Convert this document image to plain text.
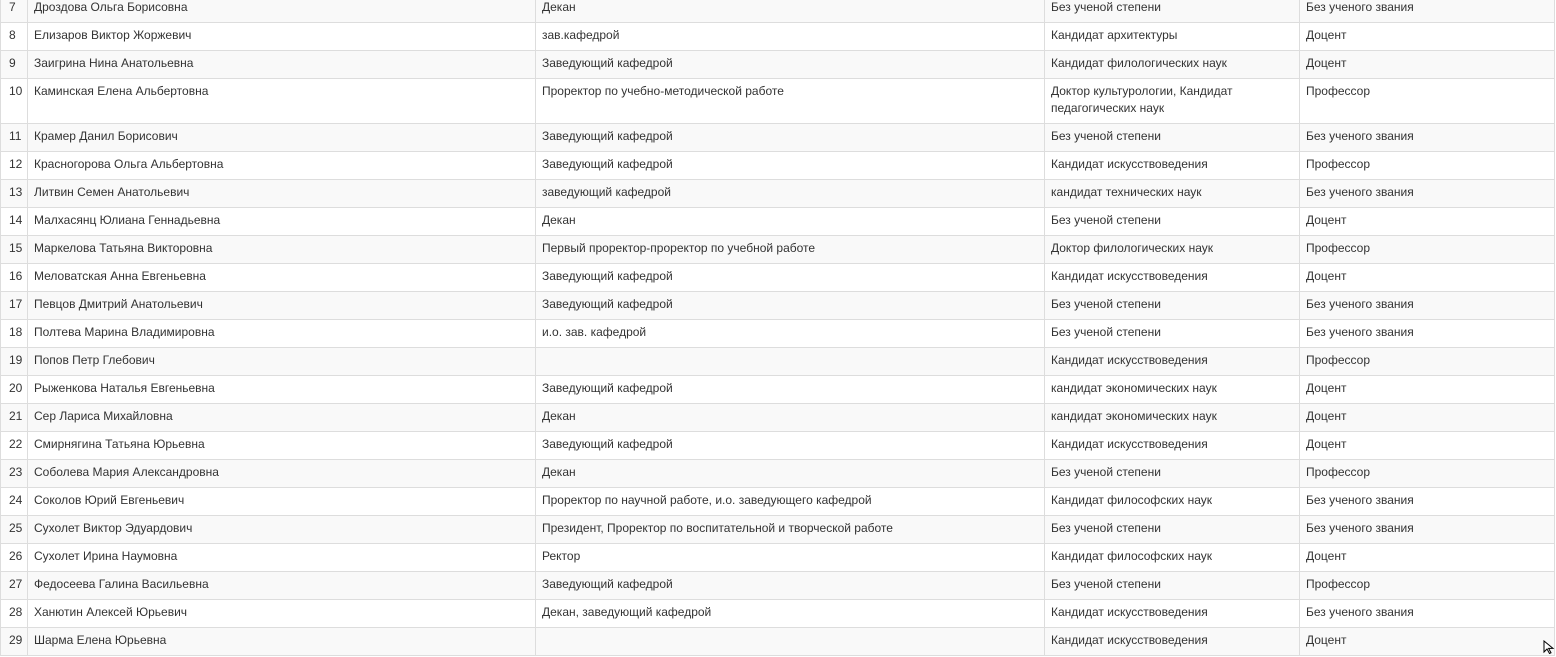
7	Дроздова Ольга Борисовна	Декан	Без ученой степени	Без ученого звания
8	Елизаров Виктор Жоржевич	зав.кафедрой	Кандидат архитектуры	Доцент
9	Заигрина Нина Анатольевна	Заведующий кафедрой	Кандидат филологических наук	Доцент
10	Каминская Елена Альбертовна	Проректор по учебно-методической работе	Доктор культурологии, Кандидат педагогических наук	Профессор
11	Крамер Данил Борисович	Заведующий кафедрой	Без ученой степени	Без ученого звания
12	Красногорова Ольга Альбертовна	Заведующий кафедрой	Кандидат искусствоведения	Профессор
13	Литвин Семен Анатольевич	заведующий кафедрой	кандидат технических наук	Без ученого звания
14	Малхасянц Юлиана Геннадьевна	Декан	Без ученой степени	Доцент
15	Маркелова Татьяна Викторовна	Первый проректор-проректор по учебной работе	Доктор филологических наук	Профессор
16	Меловатская Анна Евгеньевна	Заведующий кафедрой	Кандидат искусствоведения	Доцент
17	Певцов Дмитрий Анатольевич	Заведующий кафедрой	Без ученой степени	Без ученого звания
18	Полтева Марина Владимировна	и.о. зав. кафедрой	Без ученой степени	Без ученого звания
19	Попов Петр Глебович		Кандидат искусствоведения	Профессор
20	Рыженкова Наталья Евгеньевна	Заведующий кафедрой	кандидат экономических наук	Доцент
21	Сер Лариса Михайловна	Декан	кандидат экономических наук	Доцент
22	Смирнягина Татьяна Юрьевна	Заведующий кафедрой	Кандидат искусствоведения	Доцент
23	Соболева Мария Александровна	Декан	Без ученой степени	Профессор
24	Соколов Юрий Евгеньевич	Проректор по научной работе, и.о. заведующего кафедрой	Кандидат философских наук	Без ученого звания
25	Сухолет Виктор Эдуардович	Президент, Проректор по воспитательной и творческой работе	Без ученой степени	Без ученого звания
26	Сухолет Ирина Наумовна	Ректор	Кандидат философских наук	Доцент
27	Федосеева Галина Васильевна	Заведующий кафедрой	Без ученой степени	Профессор
28	Ханютин Алексей Юрьевич	Декан, заведующий кафедрой	Кандидат искусствоведения	Без ученого звания
29	Шарма Елена Юрьевна		Кандидат искусствоведения	Доцент
